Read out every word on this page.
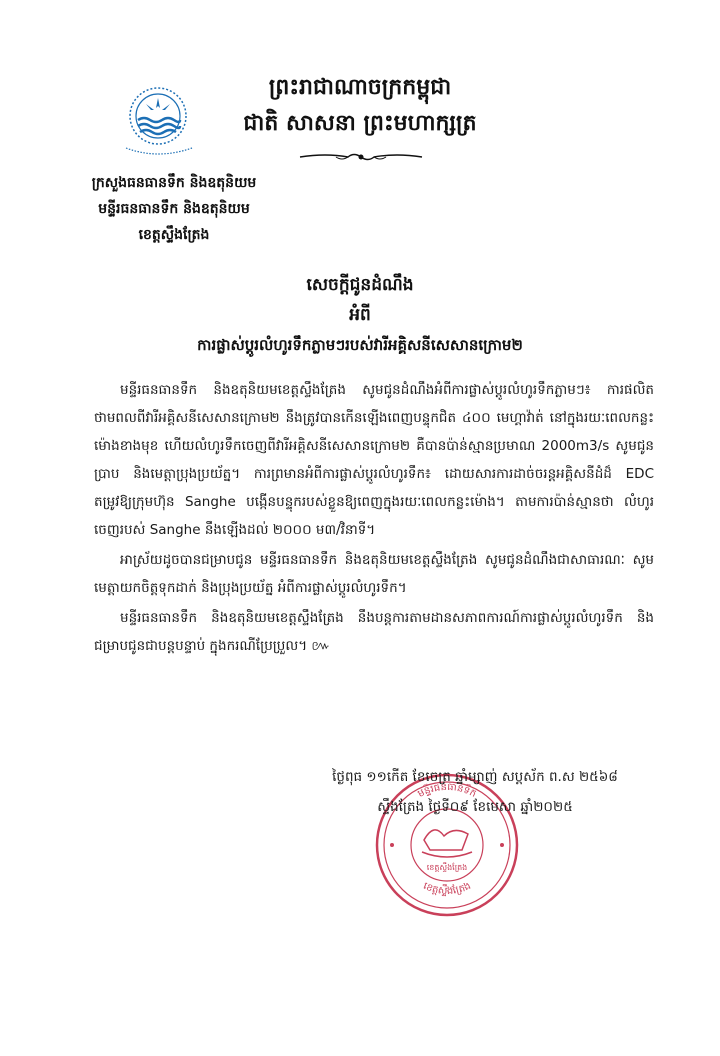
ព្រះរាជាណាចក្រកម្ពុជា
ជាតិ សាសនា ព្រះមហាក្សត្រ
ក្រសួងធនធានទឹក និងឧតុនិយម
មន្ទីរធនធានទឹក និងឧតុនិយម
ខេត្តស្ទឹងត្រែង
សេចក្ដីជូនដំណឹង
អំពី
ការផ្លាស់ប្ដូរលំហូរទឹកភ្លាមៗរបស់វារីអគ្គិសនីសេសានក្រោម២

មន្ទីរធនធានទឹក និងឧតុនិយមខេត្តស្ទឹងត្រែង សូមជូនដំណឹងអំពីការផ្លាស់ប្ដូរលំហូរទឹកភ្លាមៗ៖ ការផលិតថាមពលពីវារីអគ្គិសនីសេសានក្រោម២ នឹងត្រូវបានកើនឡើងពេញបន្ទុកជិត ៤០០ មេហ្គាវ៉ាត់ នៅក្នុងរយៈពេលកន្លះម៉ោងខាងមុខ ហើយលំហូរទឹកចេញពីវារីអគ្គិសនីសេសានក្រោម២ គឺបានប៉ាន់ស្មានប្រមាណ 2000m3/s សូមជូនប្រាប និងមេត្តាប្រុងប្រយ័ត្ន។ ការព្រមានអំពីការផ្លាស់ប្ដូរលំហូរទឹក៖ ដោយសារការដាច់ចរន្តអគ្គិសនីដំដ៏ EDC តម្រូវឱ្យក្រុមហ៊ុន Sanghe បង្កើនបន្ទុករបស់ខ្លួនឱ្យពេញក្នុងរយៈពេលកន្លះម៉ោង។ តាមការប៉ាន់ស្មានថា លំហូរចេញរបស់ Sanghe នឹងឡើងដល់ ២០០០ ម៣/វិនាទី។

អាស្រ័យដូចបានជម្រាបជូន មន្ទីរធនធានទឹក និងឧតុនិយមខេត្តស្ទឹងត្រែង សូមជូនដំណឹងជាសាធារណៈ សូមមេត្តាយកចិត្តទុកដាក់ និងប្រុងប្រយ័ត្ន អំពីការផ្លាស់ប្ដូរលំហូរទឹក។

មន្ទីរធនធានទឹក និងឧតុនិយមខេត្តស្ទឹងត្រែង នឹងបន្តការតាមដានសភាពការណ៍ការផ្លាស់ប្ដូរលំហូរទឹក និងជម្រាបជូនជាបន្តបន្ទាប់ ក្នុងករណីប្រែប្រួល។ ៚

មន្ទីរធនធានទឹក
ខេត្តស្ទឹងត្រែង
ខេត្តស្ទឹងត្រែង
ថ្ងៃពុធ ១១កើត ខែចេត្រ ឆ្នាំម្សាញ់ សប្តស័ក ព.ស ២៥៦៨
ស្ទឹងត្រែង ថ្ងៃទី០៩ ខែមេសា ឆ្នាំ២០២៥
